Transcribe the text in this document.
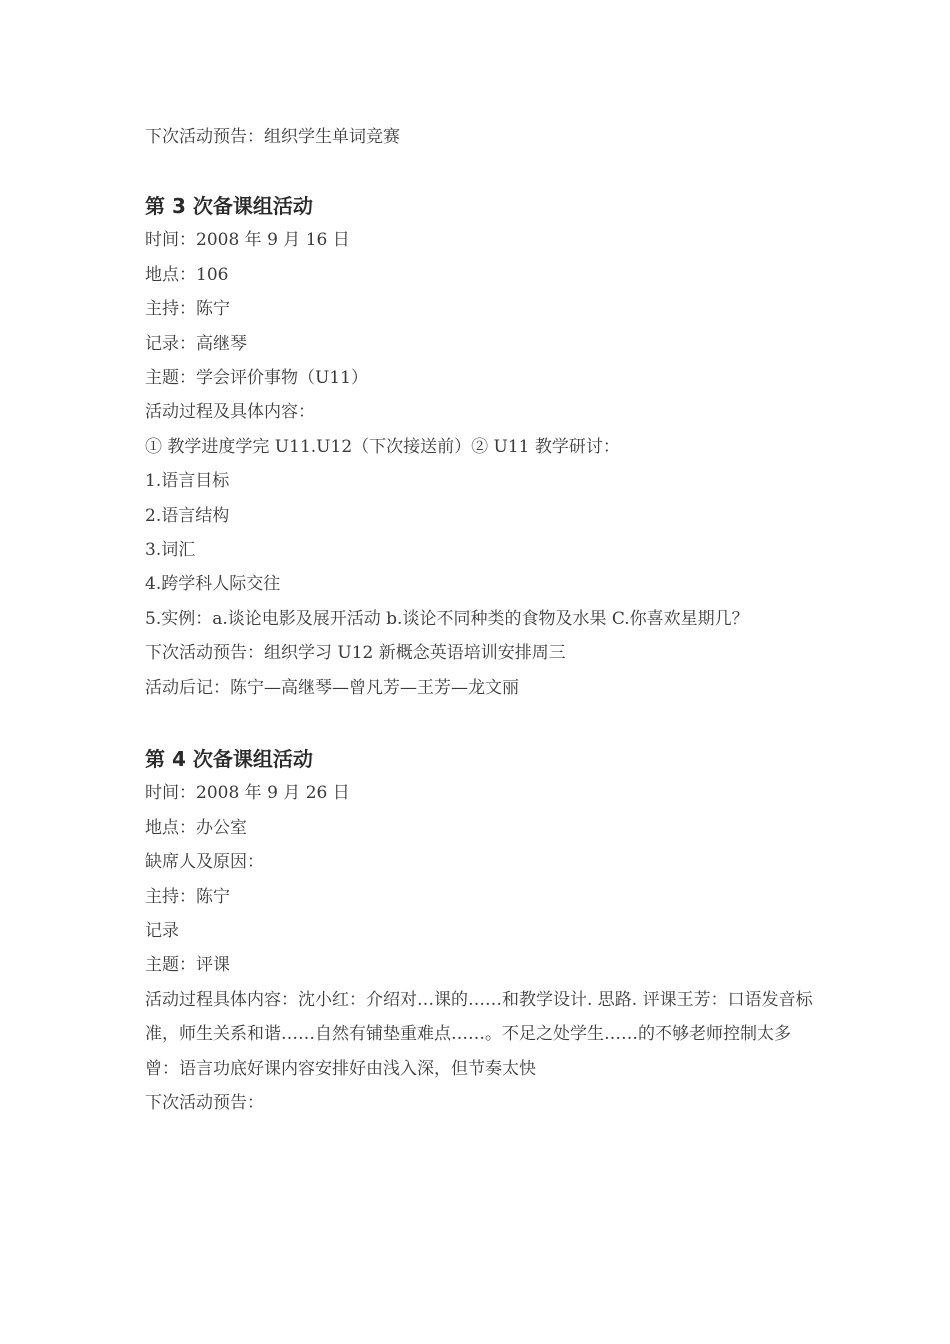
下次活动预告：组织学生单词竞赛
第 3 次备课组活动
时间：2008 年 9 月 16 日
地点：106
主持：陈宁
记录：高继琴
主题：学会评价事物（U11）
活动过程及具体内容：
① 教学进度学完 U11.U12（下次接送前）② U11 教学研讨：
1.语言目标
2.语言结构
3.词汇
4.跨学科人际交往
5.实例：a.谈论电影及展开活动 b.谈论不同种类的食物及水果 C.你喜欢星期几？
下次活动预告：组织学习 U12 新概念英语培训安排周三
活动后记：陈宁—高继琴—曾凡芳—王芳—龙文丽
第 4 次备课组活动
时间：2008 年 9 月 26 日
地点：办公室
缺席人及原因：
主持：陈宁
记录
主题：评课
活动过程具体内容：沈小红：介绍对…课的……和教学设计. 思路. 评课王芳：口语发音标准，师生关系和谐……自然有铺垫重难点……。不足之处学生……的不够老师控制太多
曾：语言功底好课内容安排好由浅入深，但节奏太快
下次活动预告：
